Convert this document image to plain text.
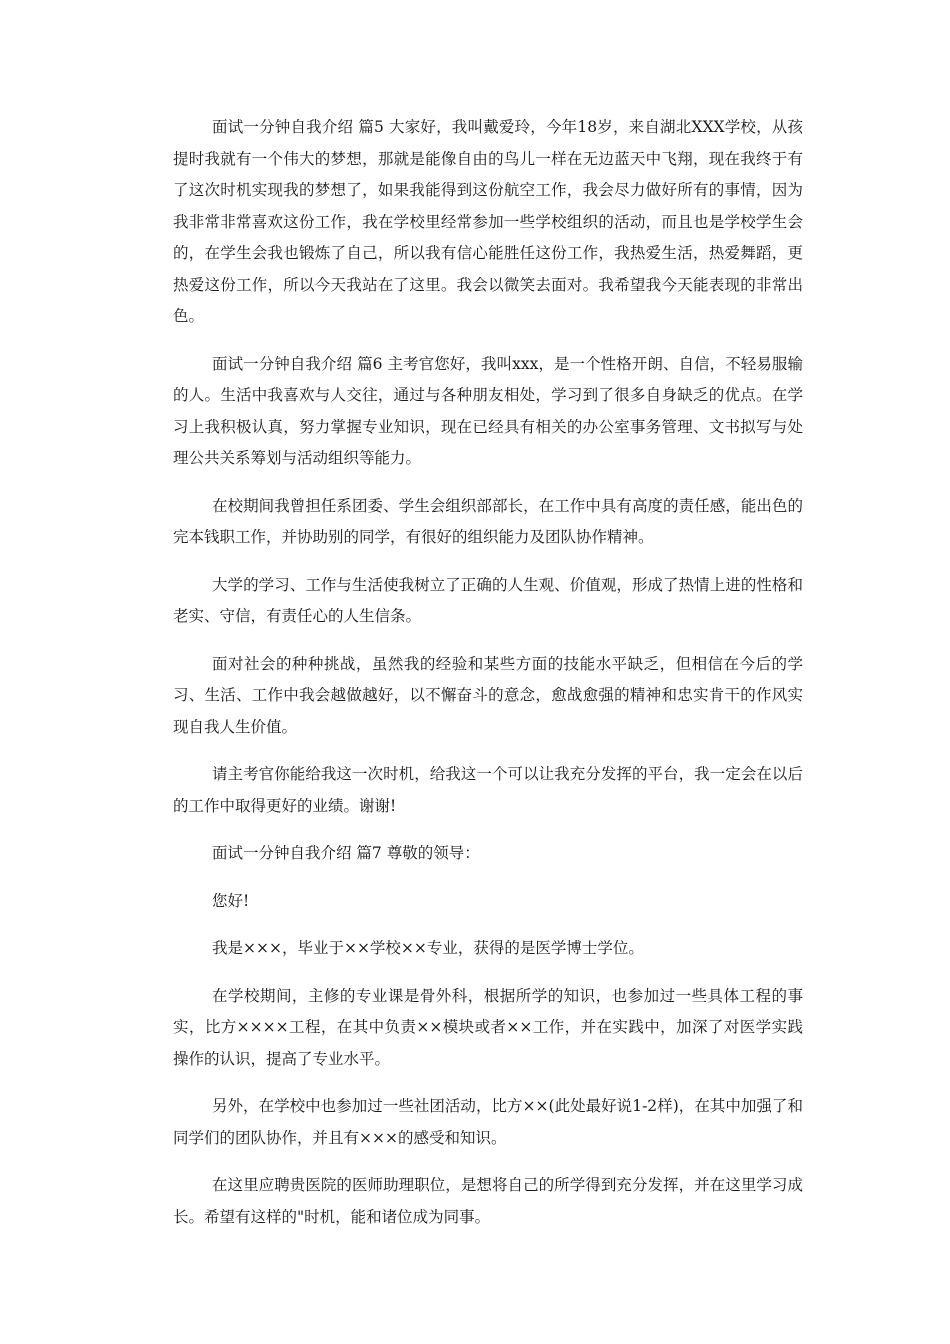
面试一分钟自我介绍 篇5 大家好，我叫戴爱玲，今年18岁，来自湖北XXX学校，从孩提时我就有一个伟大的梦想，那就是能像自由的鸟儿一样在无边蓝天中飞翔，现在我终于有了这次时机实现我的梦想了，如果我能得到这份航空工作，我会尽力做好所有的事情，因为我非常非常喜欢这份工作，我在学校里经常参加一些学校组织的活动，而且也是学校学生会的，在学生会我也锻炼了自己，所以我有信心能胜任这份工作，我热爱生活，热爱舞蹈，更热爱这份工作，所以今天我站在了这里。我会以微笑去面对。我希望我今天能表现的非常出色。

面试一分钟自我介绍 篇6 主考官您好，我叫xxx，是一个性格开朗、自信，不轻易服输的人。生活中我喜欢与人交往，通过与各种朋友相处，学习到了很多自身缺乏的优点。在学习上我积极认真，努力掌握专业知识，现在已经具有相关的办公室事务管理、文书拟写与处理公共关系筹划与活动组织等能力。

在校期间我曾担任系团委、学生会组织部部长，在工作中具有高度的责任感，能出色的完本钱职工作，并协助别的同学，有很好的组织能力及团队协作精神。

大学的学习、工作与生活使我树立了正确的人生观、价值观，形成了热情上进的性格和老实、守信，有责任心的人生信条。

面对社会的种种挑战，虽然我的经验和某些方面的技能水平缺乏，但相信在今后的学习、生活、工作中我会越做越好，以不懈奋斗的意念，愈战愈强的精神和忠实肯干的作风实现自我人生价值。

请主考官你能给我这一次时机，给我这一个可以让我充分发挥的平台，我一定会在以后的工作中取得更好的业绩。谢谢!

面试一分钟自我介绍 篇7 尊敬的领导：

您好!

我是×××，毕业于××学校××专业，获得的是医学博士学位。

在学校期间，主修的专业课是骨外科，根据所学的知识，也参加过一些具体工程的事实，比方××××工程，在其中负责××模块或者××工作，并在实践中，加深了对医学实践操作的认识，提高了专业水平。

另外，在学校中也参加过一些社团活动，比方××(此处最好说1-2样)，在其中加强了和同学们的团队协作，并且有×××的感受和知识。

在这里应聘贵医院的医师助理职位，是想将自己的所学得到充分发挥，并在这里学习成长。希望有这样的"时机，能和诸位成为同事。
